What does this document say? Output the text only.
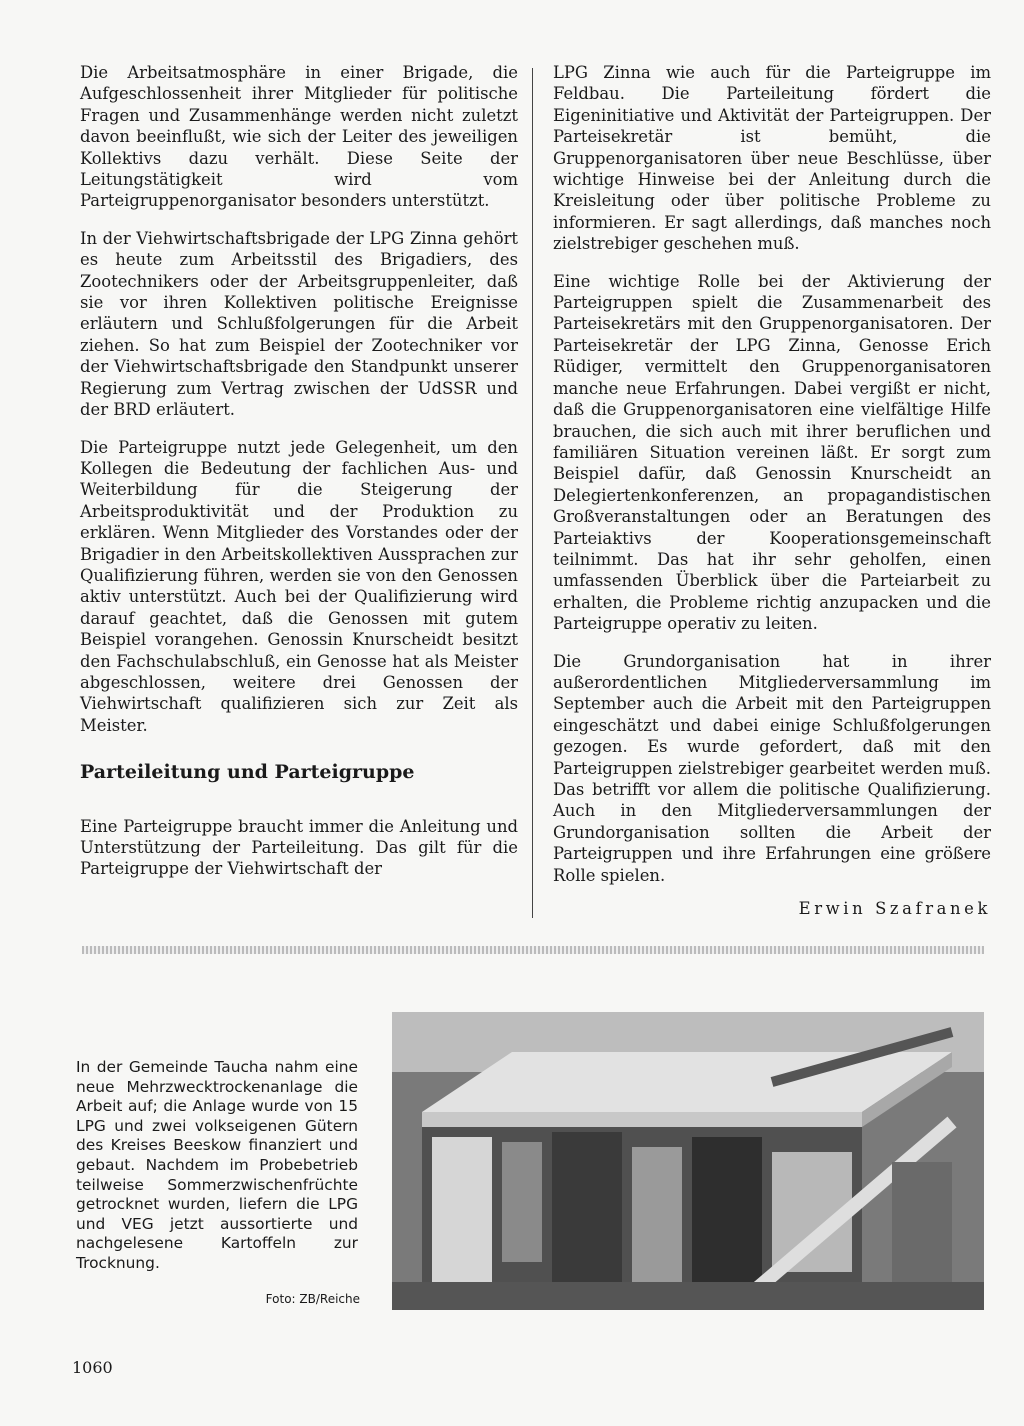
Die Arbeitsatmosphäre in einer Brigade, die Aufgeschlossenheit ihrer Mitglieder für politische Fragen und Zusammenhänge werden nicht zuletzt davon beeinflußt, wie sich der Leiter des jeweiligen Kollektivs dazu verhält. Diese Seite der Leitungstätigkeit wird vom Parteigruppenorganisator besonders unterstützt.

In der Viehwirtschaftsbrigade der LPG Zinna gehört es heute zum Arbeitsstil des Brigadiers, des Zootechnikers oder der Arbeitsgruppenleiter, daß sie vor ihren Kollektiven politische Ereignisse erläutern und Schlußfolgerungen für die Arbeit ziehen. So hat zum Beispiel der Zootechniker vor der Viehwirtschaftsbrigade den Standpunkt unserer Regierung zum Vertrag zwischen der UdSSR und der BRD erläutert.

Die Parteigruppe nutzt jede Gelegenheit, um den Kollegen die Bedeutung der fachlichen Aus- und Weiterbildung für die Steigerung der Arbeitsproduktivität und der Produktion zu erklären. Wenn Mitglieder des Vorstandes oder der Brigadier in den Arbeitskollektiven Aussprachen zur Qualifizierung führen, werden sie von den Genossen aktiv unterstützt. Auch bei der Qualifizierung wird darauf geachtet, daß die Genossen mit gutem Beispiel vorangehen. Genossin Knurscheidt besitzt den Fachschulabschluß, ein Genosse hat als Meister abgeschlossen, weitere drei Genossen der Viehwirtschaft qualifizieren sich zur Zeit als Meister.

Parteileitung und Parteigruppe

Eine Parteigruppe braucht immer die Anleitung und Unterstützung der Parteileitung. Das gilt für die Parteigruppe der Viehwirtschaft der

LPG Zinna wie auch für die Parteigruppe im Feldbau. Die Parteileitung fördert die Eigeninitiative und Aktivität der Parteigruppen. Der Parteisekretär ist bemüht, die Gruppenorganisatoren über neue Beschlüsse, über wichtige Hinweise bei der Anleitung durch die Kreisleitung oder über politische Probleme zu informieren. Er sagt allerdings, daß manches noch zielstrebiger geschehen muß.

Eine wichtige Rolle bei der Aktivierung der Parteigruppen spielt die Zusammenarbeit des Parteisekretärs mit den Gruppenorganisatoren. Der Parteisekretär der LPG Zinna, Genosse Erich Rüdiger, vermittelt den Gruppenorganisatoren manche neue Erfahrungen. Dabei vergißt er nicht, daß die Gruppenorganisatoren eine vielfältige Hilfe brauchen, die sich auch mit ihrer beruflichen und familiären Situation vereinen läßt. Er sorgt zum Beispiel dafür, daß Genossin Knurscheidt an Delegiertenkonferenzen, an propagandistischen Großveranstaltungen oder an Beratungen des Parteiaktivs der Kooperationsgemeinschaft teilnimmt. Das hat ihr sehr geholfen, einen umfassenden Überblick über die Parteiarbeit zu erhalten, die Probleme richtig anzupacken und die Parteigruppe operativ zu leiten.

Die Grundorganisation hat in ihrer außerordentlichen Mitgliederversammlung im September auch die Arbeit mit den Parteigruppen eingeschätzt und dabei einige Schlußfolgerungen gezogen. Es wurde gefordert, daß mit den Parteigruppen zielstrebiger gearbeitet werden muß. Das betrifft vor allem die politische Qualifizierung. Auch in den Mitgliederversammlungen der Grundorganisation sollten die Arbeit der Parteigruppen und ihre Erfahrungen eine größere Rolle spielen.

Erwin Szafranek
In der Gemeinde Taucha nahm eine neue Mehrzwecktrockenanlage die Arbeit auf; die Anlage wurde von 15 LPG und zwei volkseigenen Gütern des Kreises Beeskow finanziert und gebaut. Nachdem im Probebetrieb teilweise Sommerzwischenfrüchte getrocknet wurden, liefern die LPG und VEG jetzt aussortierte und nachgelesene Kartoffeln zur Trocknung.
Foto: ZB/Reiche
1060
